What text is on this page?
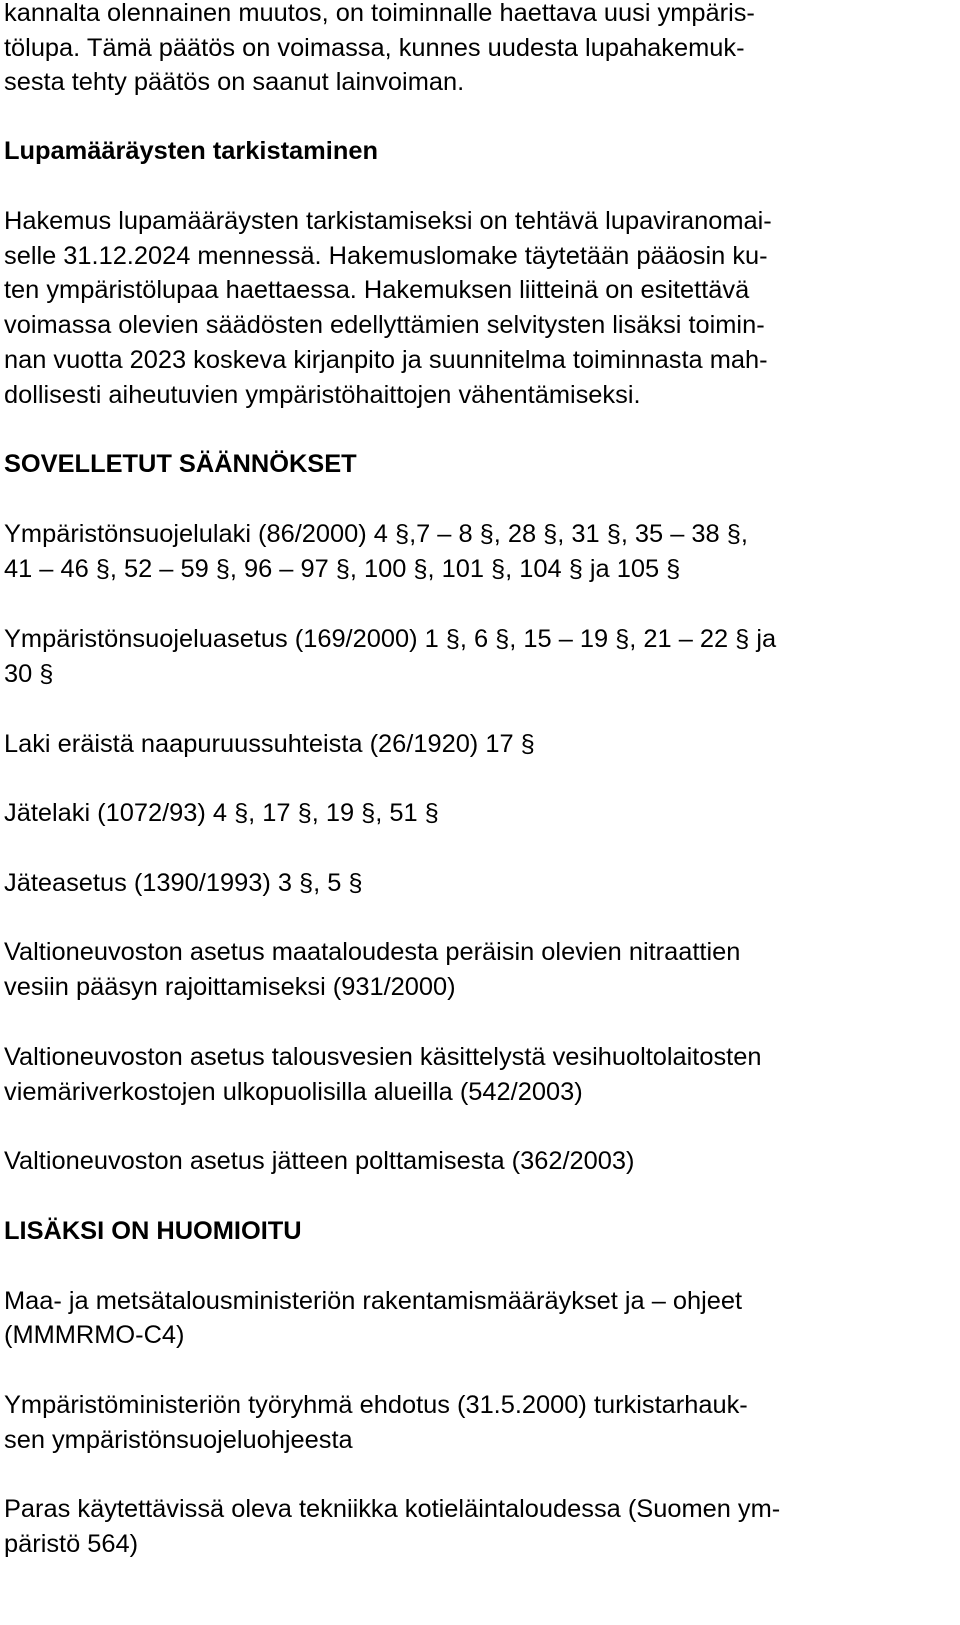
kannalta olennainen muutos, on toiminnalle haettava uusi ympäris-
tölupa. Tämä päätös on voimassa, kunnes uudesta lupahakemuk-
sesta tehty päätös on saanut lainvoiman.
Lupamääräysten tarkistaminen
Hakemus lupamääräysten tarkistamiseksi on tehtävä lupaviranomai-
selle 31.12.2024 mennessä. Hakemuslomake täytetään pääosin ku-
ten ympäristölupaa haettaessa. Hakemuksen liitteinä on esitettävä
voimassa olevien säädösten edellyttämien selvitysten lisäksi toimin-
nan vuotta 2023 koskeva kirjanpito ja suunnitelma toiminnasta mah-
dollisesti aiheutuvien ympäristöhaittojen vähentämiseksi.
SOVELLETUT SÄÄNNÖKSET
Ympäristönsuojelulaki (86/2000) 4 §,7 – 8 §, 28 §, 31 §, 35 – 38 §,
41 – 46 §, 52 – 59 §, 96 – 97 §, 100 §, 101 §, 104 § ja 105 §
Ympäristönsuojeluasetus (169/2000) 1 §, 6 §, 15 – 19 §, 21 – 22 § ja
30 §
Laki eräistä naapuruussuhteista (26/1920) 17 §
Jätelaki (1072/93) 4 §, 17 §, 19 §, 51 §
Jäteasetus (1390/1993) 3 §, 5 §
Valtioneuvoston asetus maataloudesta peräisin olevien nitraattien
vesiin pääsyn rajoittamiseksi (931/2000)
Valtioneuvoston asetus talousvesien käsittelystä vesihuoltolaitosten
viemäriverkostojen ulkopuolisilla alueilla (542/2003)
Valtioneuvoston asetus jätteen polttamisesta (362/2003)
LISÄKSI ON HUOMIOITU
Maa- ja metsätalousministeriön rakentamismääräykset ja – ohjeet
(MMMRMO-C4)
Ympäristöministeriön työryhmä ehdotus (31.5.2000) turkistarhauk-
sen ympäristönsuojeluohjeesta
Paras käytettävissä oleva tekniikka kotieläintaloudessa (Suomen ym-
päristö 564)
